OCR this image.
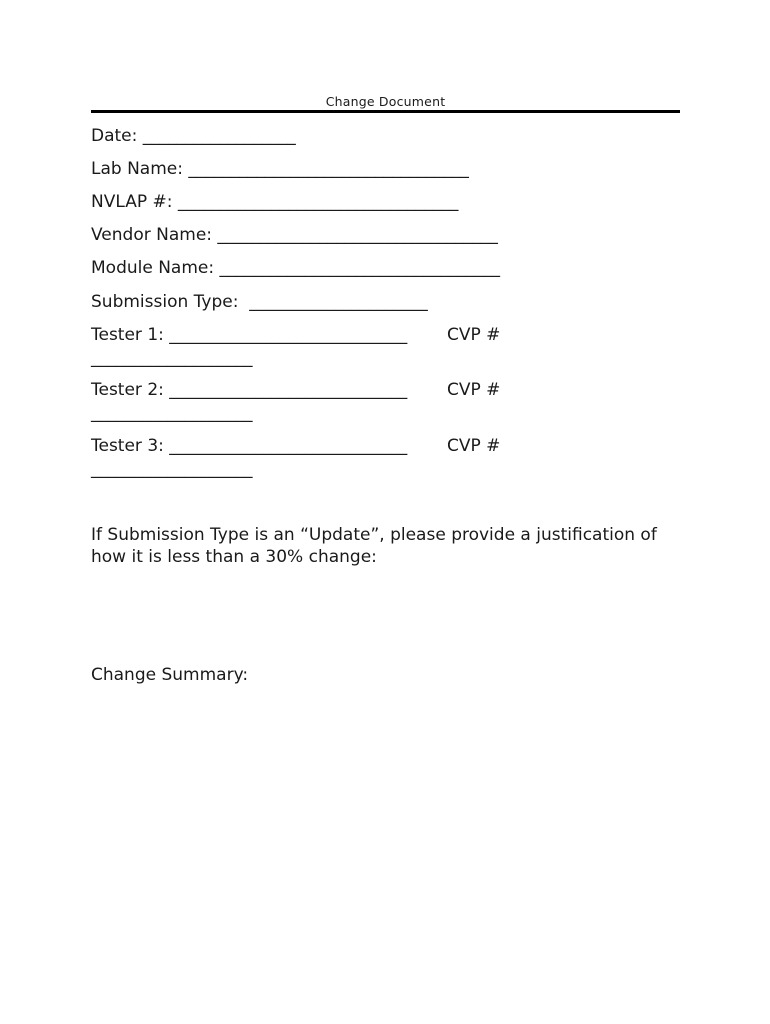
Change Document
Date: __________________
Lab Name: _________________________________
NVLAP #: _________________________________
Vendor Name: _________________________________
Module Name: _________________________________
Submission Type:  _____________________
Tester 1: ____________________________ CVP #
___________________
Tester 2: ____________________________ CVP #
___________________
Tester 3: ____________________________ CVP #
___________________
If Submission Type is an “Update”, please provide a justification of how it is less than a 30% change:
Change Summary:
